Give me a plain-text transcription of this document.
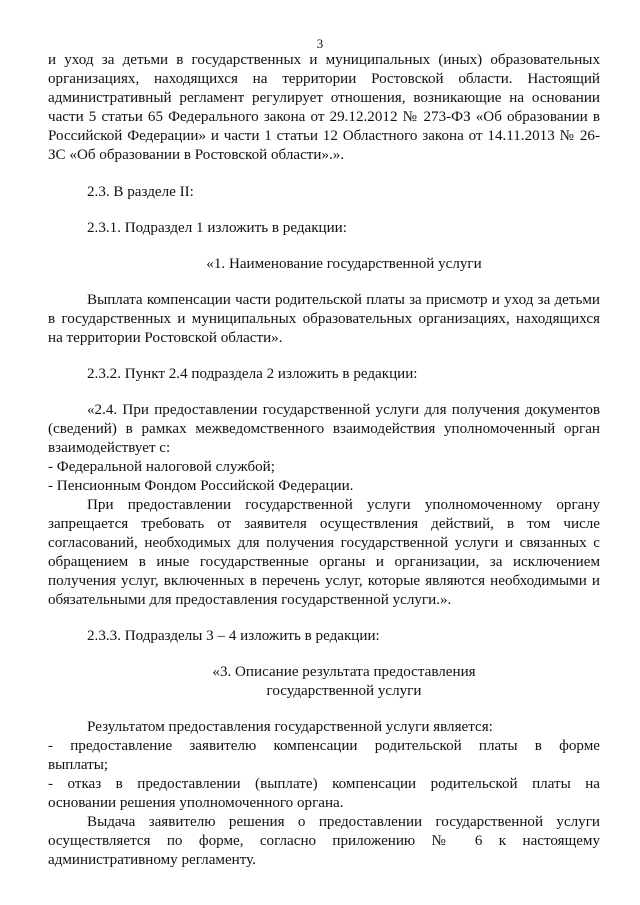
3
и уход за детьми в государственных и муниципальных (иных) образовательных
организациях, находящихся на территории Ростовской области. Настоящий
административный регламент регулирует отношения, возникающие на основании
части 5 статьи 65 Федерального закона от 29.12.2012 № 273-ФЗ «Об образовании в
Российской Федерации» и части 1 статьи 12 Областного закона от 14.11.2013 № 26-
ЗС «Об образовании в Ростовской области».».
2.3. В разделе II:
2.3.1. Подраздел 1 изложить в редакции:
«1. Наименование государственной услуги
Выплата компенсации части родительской платы за присмотр и уход за детьми
в государственных и муниципальных образовательных организациях, находящихся
на территории Ростовской области».
2.3.2. Пункт 2.4 подраздела 2 изложить в редакции:
«2.4. При предоставлении государственной услуги для получения документов
(сведений) в рамках межведомственного взаимодействия уполномоченный орган
взаимодействует с:
- Федеральной налоговой службой;
- Пенсионным Фондом Российской Федерации.
При предоставлении государственной услуги уполномоченному органу
запрещается требовать от заявителя осуществления действий, в том числе
согласований, необходимых для получения государственной услуги и связанных с
обращением в иные государственные органы и организации, за исключением
получения услуг, включенных в перечень услуг, которые являются необходимыми и
обязательными для предоставления государственной услуги.».
2.3.3. Подразделы 3 – 4 изложить в редакции:
«3. Описание результата предоставления
государственной услуги
Результатом предоставления государственной услуги является:
- предоставление заявителю компенсации родительской платы в форме
выплаты;
- отказ в предоставлении (выплате) компенсации родительской платы на
основании решения уполномоченного органа.
Выдача заявителю решения о предоставлении государственной услуги
осуществляется по форме, согласно приложению № 6 к настоящему
административному регламенту.
